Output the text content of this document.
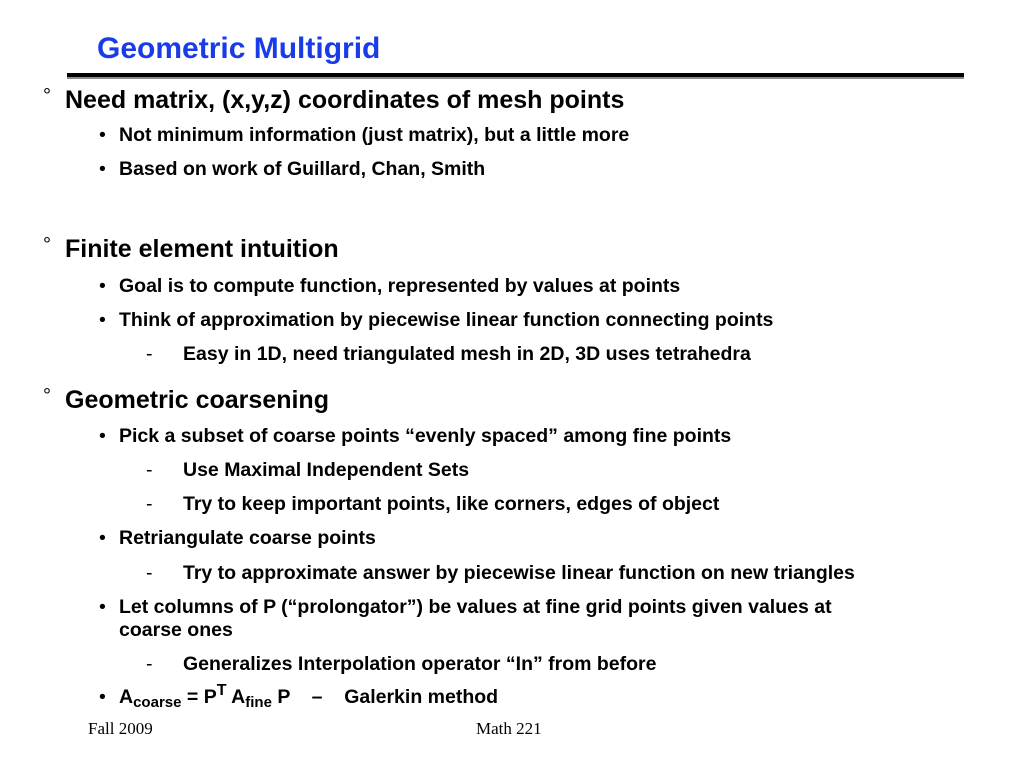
Geometric Multigrid
° Need matrix, (x,y,z) coordinates of mesh points
• Not minimum information (just matrix), but a little more
• Based on work of Guillard, Chan, Smith
° Finite element intuition
• Goal is to compute function, represented by values at points
• Think of approximation by piecewise linear function connecting points
- Easy in 1D, need triangulated mesh in 2D, 3D uses tetrahedra
° Geometric coarsening
• Pick a subset of coarse points “evenly spaced” among fine points
- Use Maximal Independent Sets
- Try to keep important points, like corners, edges of object
• Retriangulate coarse points
- Try to approximate answer by piecewise linear function on new triangles
• Let columns of P (“prolongator”) be values at fine grid points given values at
coarse ones
- Generalizes Interpolation operator “In” from before
• $A_{coarse} = P^T$ $A_{fine}$ P    –    Galerkin method
Fall 2009	Math 221
